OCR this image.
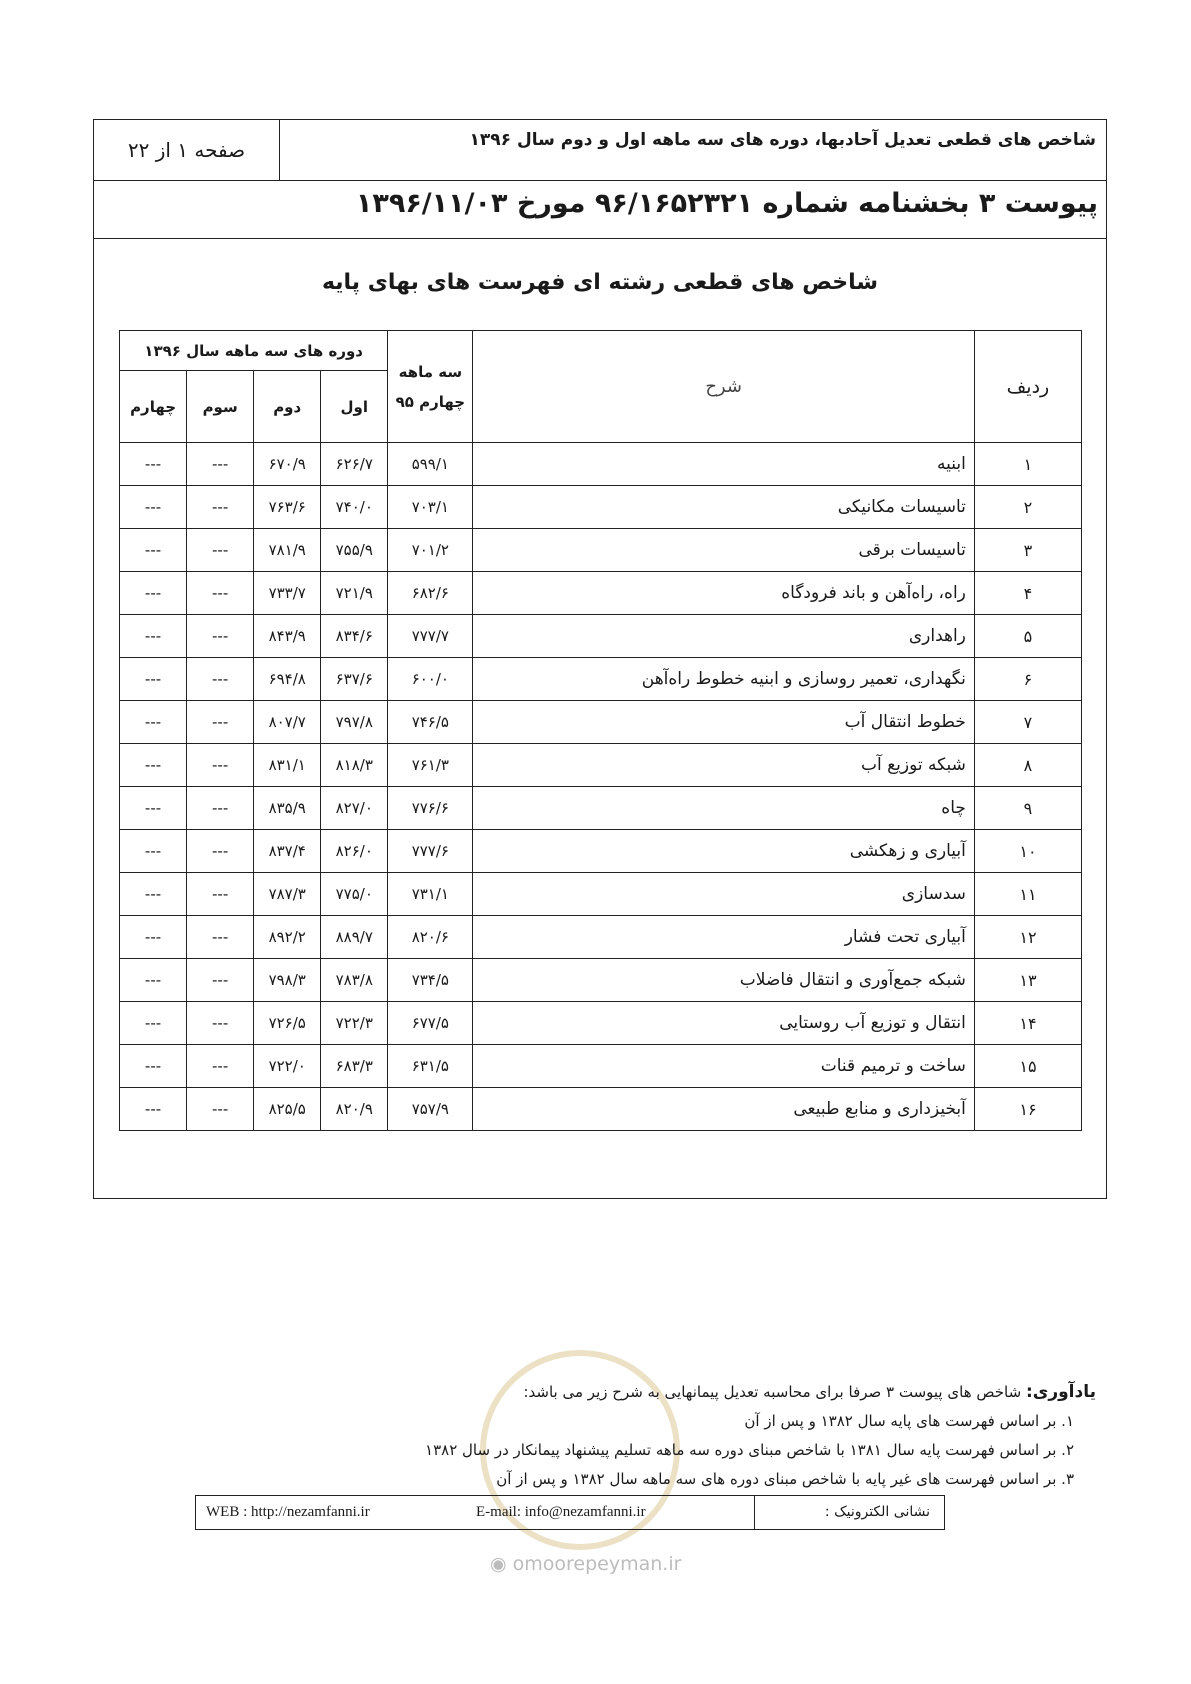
شاخص های قطعی تعدیل آحادبها، دوره های سه ماهه اول و دوم سال ۱۳۹۶
صفحه ۱ از ۲۲
پیوست ۳ بخشنامه شماره ۹۶/۱۶۵۲۳۲۱ مورخ ۱۳۹۶/۱۱/۰۳
شاخص های قطعی رشته ای فهرست های بهای پایه
ردیف	شرح	سه ماهه چهارم ۹۵	دوره های سه ماهه سال ۱۳۹۶			
			اول	دوم	سوم	چهارم
۱	ابنیه	۵۹۹/۱	۶۲۶/۷	۶۷۰/۹	---	---
۲	تاسیسات مکانیکی	۷۰۳/۱	۷۴۰/۰	۷۶۳/۶	---	---
۳	تاسیسات برقی	۷۰۱/۲	۷۵۵/۹	۷۸۱/۹	---	---
۴	راه، راه‌آهن و باند فرودگاه	۶۸۲/۶	۷۲۱/۹	۷۳۳/۷	---	---
۵	راهداری	۷۷۷/۷	۸۳۴/۶	۸۴۳/۹	---	---
۶	نگهداری، تعمیر روسازی و ابنیه خطوط راه‌آهن	۶۰۰/۰	۶۳۷/۶	۶۹۴/۸	---	---
۷	خطوط انتقال آب	۷۴۶/۵	۷۹۷/۸	۸۰۷/۷	---	---
۸	شبکه توزیع آب	۷۶۱/۳	۸۱۸/۳	۸۳۱/۱	---	---
۹	چاه	۷۷۶/۶	۸۲۷/۰	۸۳۵/۹	---	---
۱۰	آبیاری و زهکشی	۷۷۷/۶	۸۲۶/۰	۸۳۷/۴	---	---
۱۱	سدسازی	۷۳۱/۱	۷۷۵/۰	۷۸۷/۳	---	---
۱۲	آبیاری تحت فشار	۸۲۰/۶	۸۸۹/۷	۸۹۲/۲	---	---
۱۳	شبکه جمع‌آوری و انتقال فاضلاب	۷۳۴/۵	۷۸۳/۸	۷۹۸/۳	---	---
۱۴	انتقال و توزیع آب روستایی	۶۷۷/۵	۷۲۲/۳	۷۲۶/۵	---	---
۱۵	ساخت و ترمیم قنات	۶۳۱/۵	۶۸۳/۳	۷۲۲/۰	---	---
۱۶	آبخیزداری و منابع طبیعی	۷۵۷/۹	۸۲۰/۹	۸۲۵/۵	---	---
یادآوری: شاخص های پیوست ۳ صرفا برای محاسبه تعدیل پیمانهایی به شرح زیر می باشد:
۱. بر اساس فهرست های پایه سال ۱۳۸۲ و پس از آن
۲. بر اساس فهرست پایه سال ۱۳۸۱ با شاخص مبنای دوره سه ماهه تسلیم پیشنهاد پیمانکار در سال ۱۳۸۲
۳. بر اساس فهرست های غیر پایه با شاخص مبنای دوره های سه ماهه سال ۱۳۸۲ و پس از آن
WEB : http://nezamfanni.ir	E-mail: info@nezamfanni.ir	نشانی الکترونیک :
◉ omoorepeyman.ir
